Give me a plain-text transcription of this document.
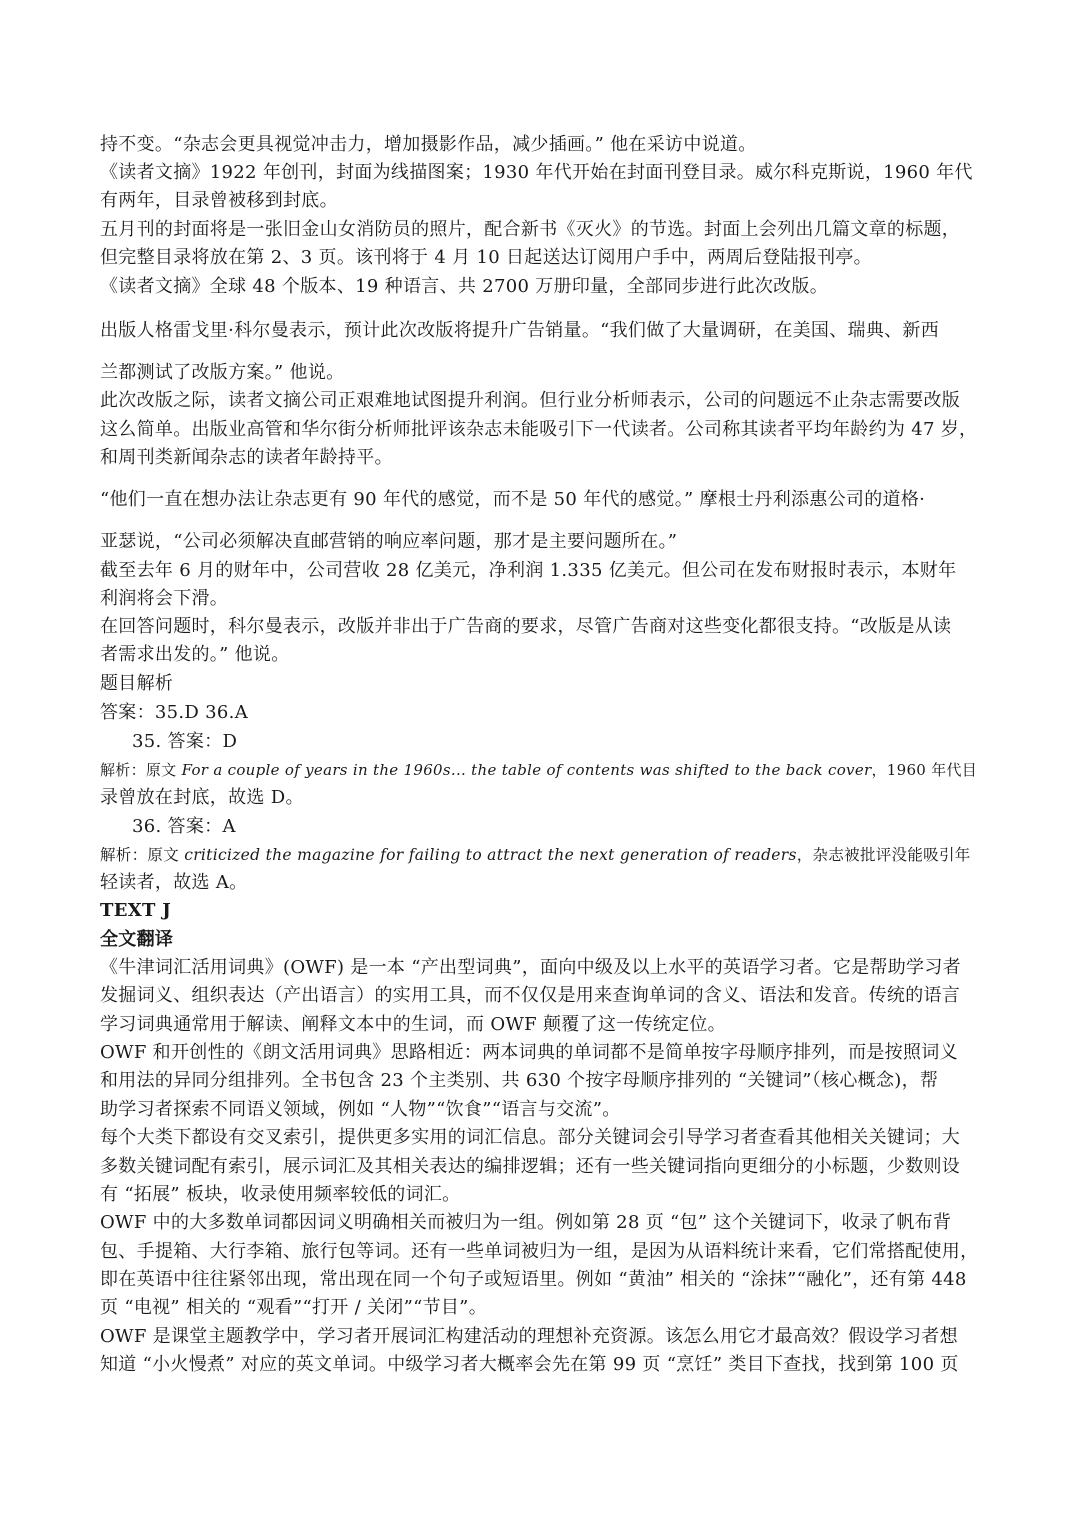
持不变。“杂志会更具视觉冲击力，增加摄影作品，减少插画。” 他在采访中说道。
《读者文摘》1922 年创刊，封面为线描图案；1930 年代开始在封面刊登目录。威尔科克斯说，1960 年代
有两年，目录曾被移到封底。
五月刊的封面将是一张旧金山女消防员的照片，配合新书《灭火》的节选。封面上会列出几篇文章的标题，
但完整目录将放在第 2、3 页。该刊将于 4 月 10 日起送达订阅用户手中，两周后登陆报刊亭。
《读者文摘》全球 48 个版本、19 种语言、共 2700 万册印量，全部同步进行此次改版。
出版人格雷戈里·科尔曼表示，预计此次改版将提升广告销量。“我们做了大量调研，在美国、瑞典、新西
兰都测试了改版方案。” 他说。
此次改版之际，读者文摘公司正艰难地试图提升利润。但行业分析师表示，公司的问题远不止杂志需要改版
这么简单。出版业高管和华尔街分析师批评该杂志未能吸引下一代读者。公司称其读者平均年龄约为 47 岁，
和周刊类新闻杂志的读者年龄持平。
“他们一直在想办法让杂志更有 90 年代的感觉，而不是 50 年代的感觉。” 摩根士丹利添惠公司的道格·
亚瑟说，“公司必须解决直邮营销的响应率问题，那才是主要问题所在。”
截至去年 6 月的财年中，公司营收 28 亿美元，净利润 1.335 亿美元。但公司在发布财报时表示，本财年
利润将会下滑。
在回答问题时，科尔曼表示，改版并非出于广告商的要求，尽管广告商对这些变化都很支持。“改版是从读
者需求出发的。” 他说。
题目解析
答案：35.D 36.A
35. 答案：D
解析：原文 For a couple of years in the 1960s... the table of contents was shifted to the back cover，1960 年代目
录曾放在封底，故选 D。
36. 答案：A
解析：原文 criticized the magazine for failing to attract the next generation of readers，杂志被批评没能吸引年
轻读者，故选 A。
TEXT J
全文翻译
《牛津词汇活用词典》(OWF) 是一本 “产出型词典”，面向中级及以上水平的英语学习者。它是帮助学习者
发掘词义、组织表达（产出语言）的实用工具，而不仅仅是用来查询单词的含义、语法和发音。传统的语言
学习词典通常用于解读、阐释文本中的生词，而 OWF 颠覆了这一传统定位。
OWF 和开创性的《朗文活用词典》思路相近：两本词典的单词都不是简单按字母顺序排列，而是按照词义
和用法的异同分组排列。全书包含 23 个主类别、共 630 个按字母顺序排列的 “关键词”（核心概念)，帮
助学习者探索不同语义领域，例如 “人物”“饮食”“语言与交流”。
每个大类下都设有交叉索引，提供更多实用的词汇信息。部分关键词会引导学习者查看其他相关关键词；大
多数关键词配有索引，展示词汇及其相关表达的编排逻辑；还有一些关键词指向更细分的小标题，少数则设
有 “拓展” 板块，收录使用频率较低的词汇。
OWF 中的大多数单词都因词义明确相关而被归为一组。例如第 28 页 “包” 这个关键词下，收录了帆布背
包、手提箱、大行李箱、旅行包等词。还有一些单词被归为一组，是因为从语料统计来看，它们常搭配使用，
即在英语中往往紧邻出现，常出现在同一个句子或短语里。例如 “黄油” 相关的 “涂抹”“融化”，还有第 448
页 “电视” 相关的 “观看”“打开 / 关闭”“节目”。
OWF 是课堂主题教学中，学习者开展词汇构建活动的理想补充资源。该怎么用它才最高效？假设学习者想
知道 “小火慢煮” 对应的英文单词。中级学习者大概率会先在第 99 页 “烹饪” 类目下查找，找到第 100 页
